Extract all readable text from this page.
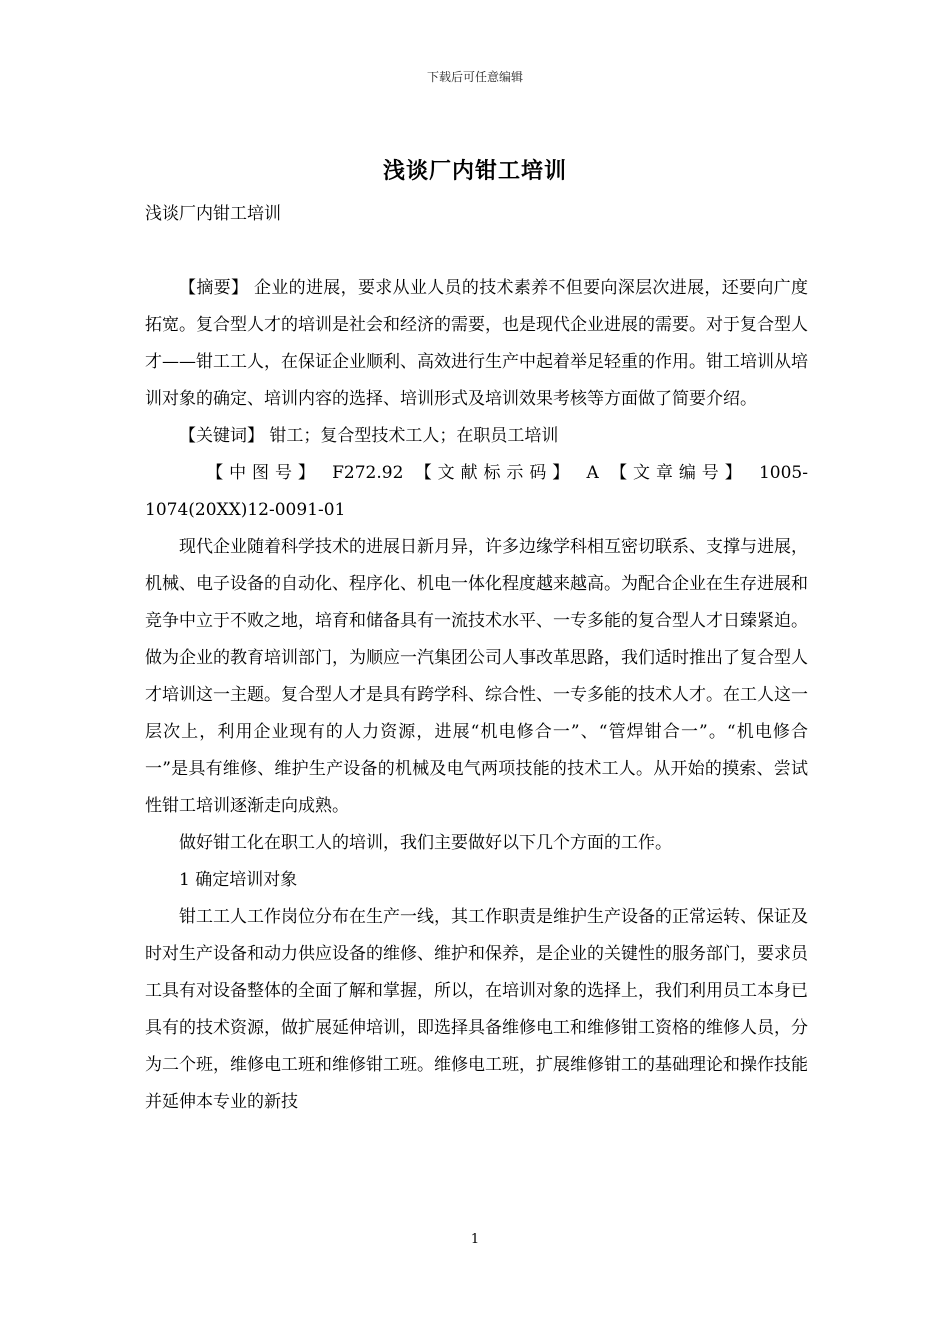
下载后可任意编辑
浅谈厂内钳工培训

浅谈厂内钳工培训

【摘要】 企业的进展，要求从业人员的技术素养不但要向深层次进展，还要向广度拓宽。复合型人才的培训是社会和经济的需要，也是现代企业进展的需要。对于复合型人才——钳工工人，在保证企业顺利、高效进行生产中起着举足轻重的作用。钳工培训从培训对象的确定、培训内容的选择、培训形式及培训效果考核等方面做了简要介绍。

【关键词】 钳工；复合型技术工人；在职员工培训

【中图号】 F272.92 【文献标示码】 A 【文章编号】 1005-

1074(20XX)12-0091-01

现代企业随着科学技术的进展日新月异，许多边缘学科相互密切联系、支撑与进展，机械、电子设备的自动化、程序化、机电一体化程度越来越高。为配合企业在生存进展和竞争中立于不败之地，培育和储备具有一流技术水平、一专多能的复合型人才日臻紧迫。做为企业的教育培训部门，为顺应一汽集团公司人事改革思路，我们适时推出了复合型人才培训这一主题。复合型人才是具有跨学科、综合性、一专多能的技术人才。在工人这一层次上，利用企业现有的人力资源，进展“机电修合一”、“管焊钳合一”。“机电修合一”是具有维修、维护生产设备的机械及电气两项技能的技术工人。从开始的摸索、尝试性钳工培训逐渐走向成熟。

做好钳工化在职工人的培训，我们主要做好以下几个方面的工作。

1 确定培训对象

钳工工人工作岗位分布在生产一线，其工作职责是维护生产设备的正常运转、保证及时对生产设备和动力供应设备的维修、维护和保养，是企业的关键性的服务部门，要求员工具有对设备整体的全面了解和掌握，所以，在培训对象的选择上，我们利用员工本身已具有的技术资源，做扩展延伸培训，即选择具备维修电工和维修钳工资格的维修人员，分为二个班，维修电工班和维修钳工班。维修电工班，扩展维修钳工的基础理论和操作技能并延伸本专业的新技

1
